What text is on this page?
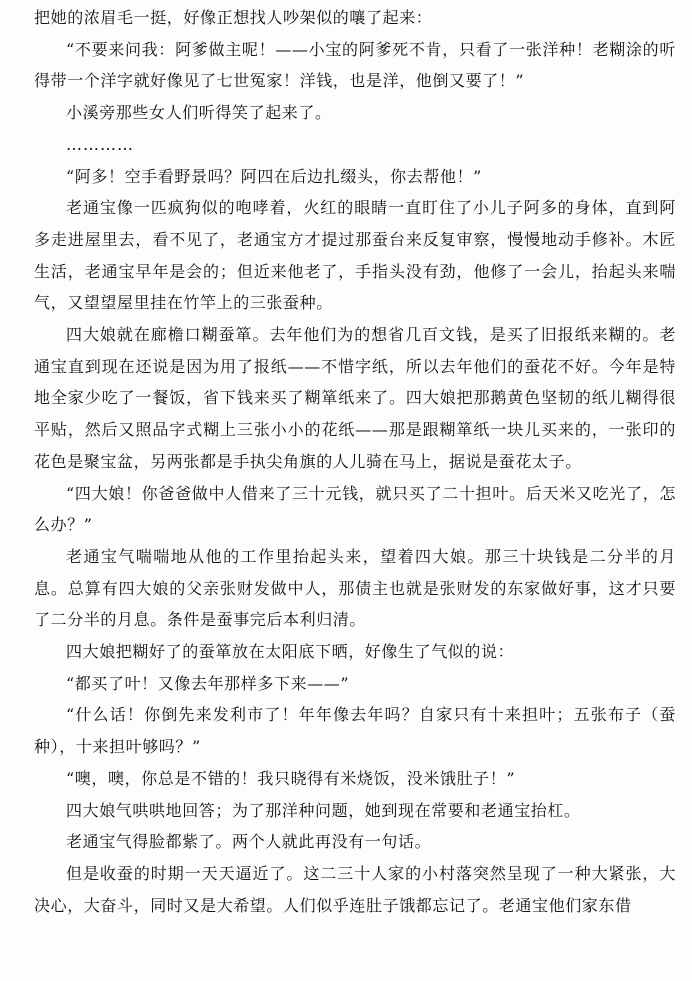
把她的浓眉毛一挺，好像正想找人吵架似的嚷了起来：

“不要来问我：阿爹做主呢！——小宝的阿爹死不肯，只看了一张洋种！老糊涂的听得带一个洋字就好像见了七世冤家！洋钱，也是洋，他倒又要了！”

小溪旁那些女人们听得笑了起来了。

…………

“阿多！空手看野景吗？阿四在后边扎缀头，你去帮他！”

老通宝像一匹疯狗似的咆哮着，火红的眼睛一直盯住了小儿子阿多的身体，直到阿多走进屋里去，看不见了，老通宝方才提过那蚕台来反复审察，慢慢地动手修补。木匠生活，老通宝早年是会的；但近来他老了，手指头没有劲，他修了一会儿，抬起头来喘气，又望望屋里挂在竹竿上的三张蚕种。

四大娘就在廊檐口糊蚕箪。去年他们为的想省几百文钱，是买了旧报纸来糊的。老通宝直到现在还说是因为用了报纸——不惜字纸，所以去年他们的蚕花不好。今年是特地全家少吃了一餐饭，省下钱来买了糊箪纸来了。四大娘把那鹅黄色坚韧的纸儿糊得很平贴，然后又照品字式糊上三张小小的花纸——那是跟糊箪纸一块儿买来的，一张印的花色是聚宝盆，另两张都是手执尖角旗的人儿骑在马上，据说是蚕花太子。

“四大娘！你爸爸做中人借来了三十元钱，就只买了二十担叶。后天米又吃光了，怎么办？”

老通宝气喘喘地从他的工作里抬起头来，望着四大娘。那三十块钱是二分半的月息。总算有四大娘的父亲张财发做中人，那债主也就是张财发的东家做好事，这才只要了二分半的月息。条件是蚕事完后本利归清。

四大娘把糊好了的蚕箪放在太阳底下晒，好像生了气似的说：

“都买了叶！又像去年那样多下来——”

“什么话！你倒先来发利市了！年年像去年吗？自家只有十来担叶；五张布子（蚕种），十来担叶够吗？”

“噢，噢，你总是不错的！我只晓得有米烧饭，没米饿肚子！”

四大娘气哄哄地回答；为了那洋种问题，她到现在常要和老通宝抬杠。

老通宝气得脸都紫了。两个人就此再没有一句话。

但是收蚕的时期一天天逼近了。这二三十人家的小村落突然呈现了一种大紧张，大决心，大奋斗，同时又是大希望。人们似乎连肚子饿都忘记了。老通宝他们家东借
